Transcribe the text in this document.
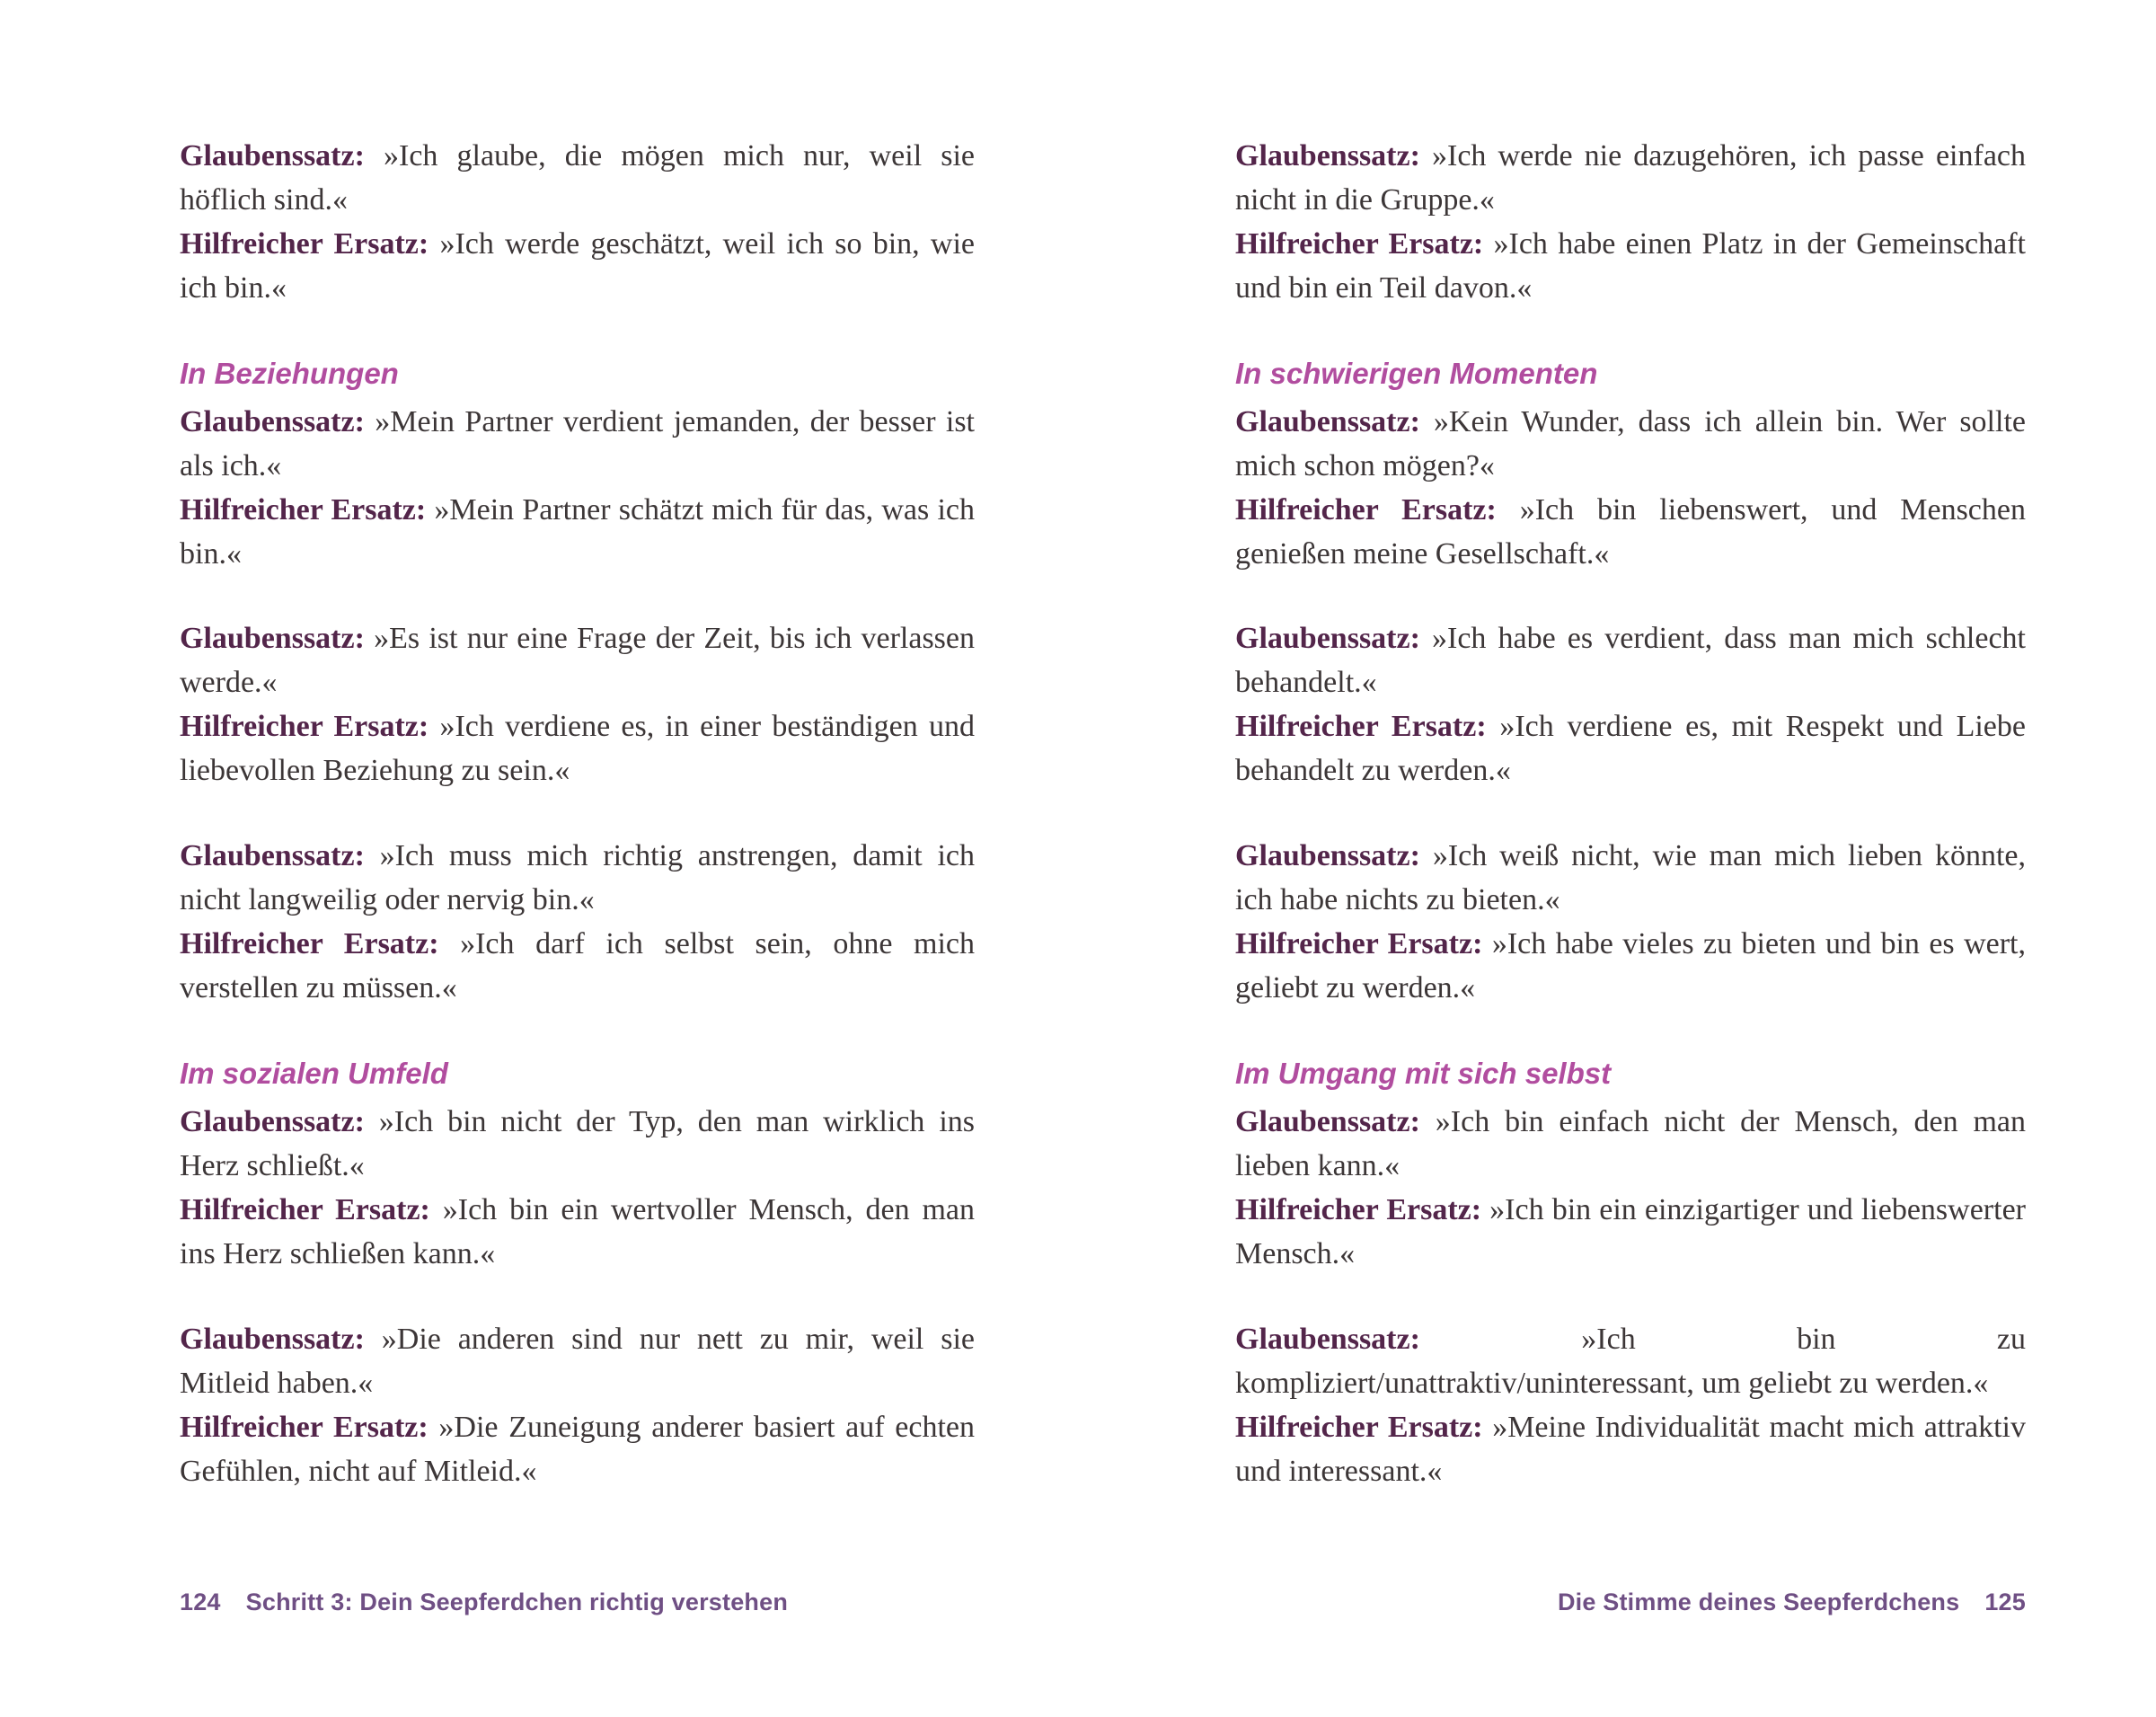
Glaubenssatz: »Ich glaube, die mögen mich nur, weil sie höflich sind.«

Hilfreicher Ersatz: »Ich werde geschätzt, weil ich so bin, wie ich bin.«

In Beziehungen

Glaubenssatz: »Mein Partner verdient jemanden, der besser ist als ich.«

Hilfreicher Ersatz: »Mein Partner schätzt mich für das, was ich bin.«

Glaubenssatz: »Es ist nur eine Frage der Zeit, bis ich verlassen werde.«

Hilfreicher Ersatz: »Ich verdiene es, in einer beständigen und liebevollen Beziehung zu sein.«

Glaubenssatz: »Ich muss mich richtig anstrengen, damit ich nicht langweilig oder nervig bin.«

Hilfreicher Ersatz: »Ich darf ich selbst sein, ohne mich verstellen zu müssen.«

Im sozialen Umfeld

Glaubenssatz: »Ich bin nicht der Typ, den man wirklich ins Herz schließt.«

Hilfreicher Ersatz: »Ich bin ein wertvoller Mensch, den man ins Herz schließen kann.«

Glaubenssatz: »Die anderen sind nur nett zu mir, weil sie Mitleid haben.«

Hilfreicher Ersatz: »Die Zuneigung anderer basiert auf echten Gefühlen, nicht auf Mitleid.«

124 Schritt 3: Dein Seepferdchen richtig verstehen

Glaubenssatz: »Ich werde nie dazugehören, ich passe einfach nicht in die Gruppe.«

Hilfreicher Ersatz: »Ich habe einen Platz in der Gemeinschaft und bin ein Teil davon.«

In schwierigen Momenten

Glaubenssatz: »Kein Wunder, dass ich allein bin. Wer sollte mich schon mögen?«

Hilfreicher Ersatz: »Ich bin liebenswert, und Menschen genießen meine Gesellschaft.«

Glaubenssatz: »Ich habe es verdient, dass man mich schlecht behandelt.«

Hilfreicher Ersatz: »Ich verdiene es, mit Respekt und Liebe behandelt zu werden.«

Glaubenssatz: »Ich weiß nicht, wie man mich lieben könnte, ich habe nichts zu bieten.«

Hilfreicher Ersatz: »Ich habe vieles zu bieten und bin es wert, geliebt zu werden.«

Im Umgang mit sich selbst

Glaubenssatz: »Ich bin einfach nicht der Mensch, den man lieben kann.«

Hilfreicher Ersatz: »Ich bin ein einzigartiger und liebenswerter Mensch.«

Glaubenssatz: »Ich bin zu kompliziert/unattraktiv/uninteressant, um geliebt zu werden.«

Hilfreicher Ersatz: »Meine Individualität macht mich attraktiv und interessant.«

Die Stimme deines Seepferdchens 125
